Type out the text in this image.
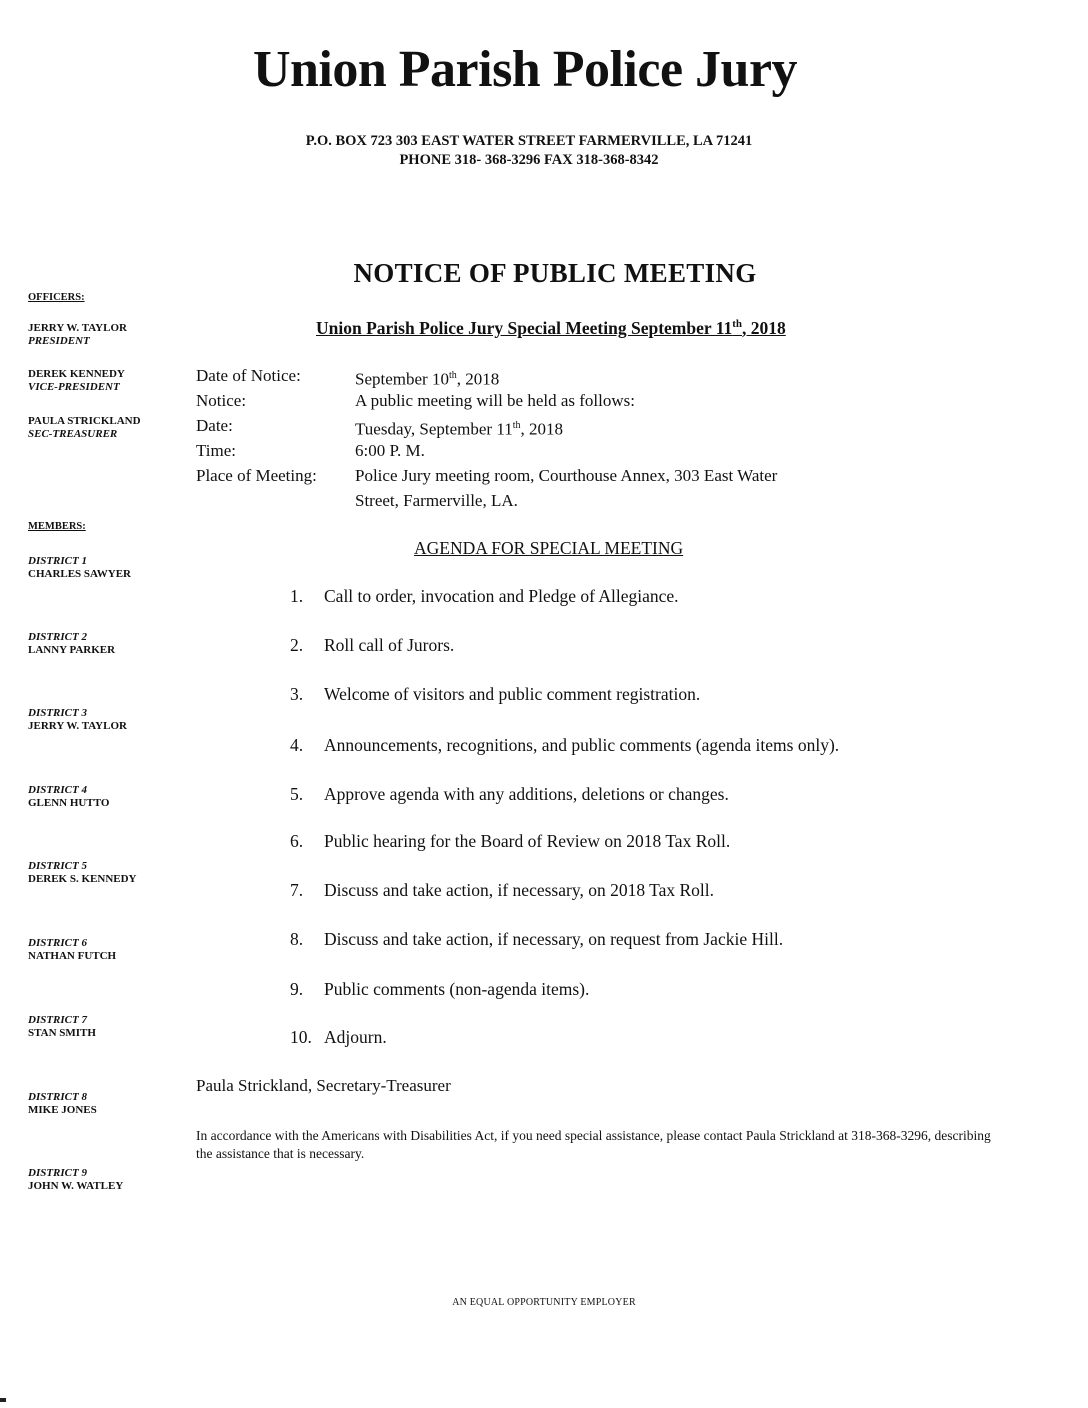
Union Parish Police Jury
P.O. BOX 723 303 EAST WATER STREET FARMERVILLE, LA 71241
PHONE 318- 368-3296 FAX 318-368-8342
NOTICE OF PUBLIC MEETING
OFFICERS:
JERRY W. TAYLOR
PRESIDENT
DEREK KENNEDY
VICE-PRESIDENT
PAULA STRICKLAND
SEC-TREASURER
MEMBERS:
DISTRICT 1
CHARLES SAWYER
DISTRICT 2
LANNY PARKER
DISTRICT 3
JERRY W. TAYLOR
DISTRICT 4
GLENN HUTTO
DISTRICT 5
DEREK S. KENNEDY
DISTRICT 6
NATHAN FUTCH
DISTRICT 7
STAN SMITH
DISTRICT 8
MIKE JONES
DISTRICT 9
JOHN W. WATLEY
Union Parish Police Jury Special Meeting September 11th, 2018
Date of Notice:	September 10th, 2018
Notice:	A public meeting will be held as follows:
Date:	Tuesday, September 11th, 2018
Time:	6:00 P. M.
Place of Meeting: Police Jury meeting room, Courthouse Annex, 303 East Water
Street, Farmerville, LA.
AGENDA FOR SPECIAL MEETING
1. Call to order, invocation and Pledge of Allegiance.
2. Roll call of Jurors.
3. Welcome of visitors and public comment registration.
4. Announcements, recognitions, and public comments (agenda items only).
5. Approve agenda with any additions, deletions or changes.
6. Public hearing for the Board of Review on 2018 Tax Roll.
7. Discuss and take action, if necessary, on 2018 Tax Roll.
8. Discuss and take action, if necessary, on request from Jackie Hill.
9. Public comments (non-agenda items).
10. Adjourn.
Paula Strickland, Secretary-Treasurer
In accordance with the Americans with Disabilities Act, if you need special assistance, please contact Paula Strickland at 318-368-3296, describing the assistance that is necessary.
AN EQUAL OPPORTUNITY EMPLOYER
